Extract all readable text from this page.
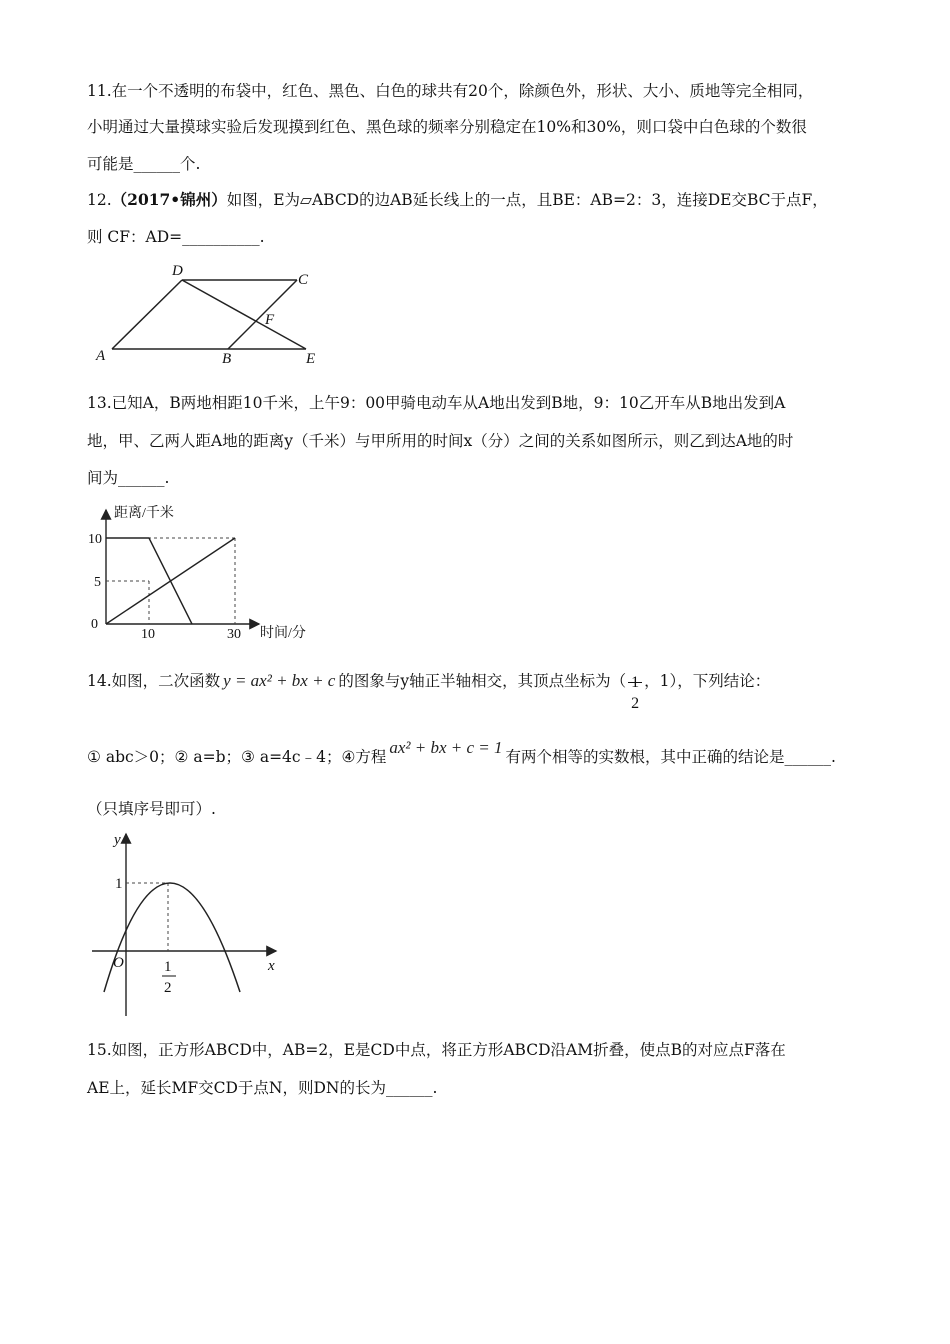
11.在一个不透明的布袋中，红色、黑色、白色的球共有20个，除颜色外，形状、大小、质地等完全相同，
小明通过大量摸球实验后发现摸到红色、黑色球的频率分别稳定在10%和30%，则口袋中白色球的个数很
可能是______个.
12.（2017•锦州）如图，E为▱ABCD的边AB延长线上的一点，且BE：AB=2：3，连接DE交BC于点F，
则 CF：AD=__________.
D
C
F
A	B	E
13.已知A，B两地相距10千米，上午9：00甲骑电动车从A地出发到B地，9：10乙开车从B地出发到A
地，甲、乙两人距A地的距离y（千米）与甲所用的时间x（分）之间的关系如图所示，则乙到达A地的时
间为______.
0
10	30
10
5
距离/千米
时间/分
14.如图，二次函数 y = ax² + bx + c 的图象与y轴正半轴相交，其顶点坐标为（ 1
2
，1），下列结论：
① abc＞0；② a=b；③ a=4c﹣4；④方程 ax² + bx + c = 1 有两个相等的实数根，其中正确的结论是______.
（只填序号即可）.
y
x
O
1
1
2
15.如图，正方形ABCD中，AB=2，E是CD中点，将正方形ABCD沿AM折叠，使点B的对应点F落在
AE上，延长MF交CD于点N，则DN的长为______.
